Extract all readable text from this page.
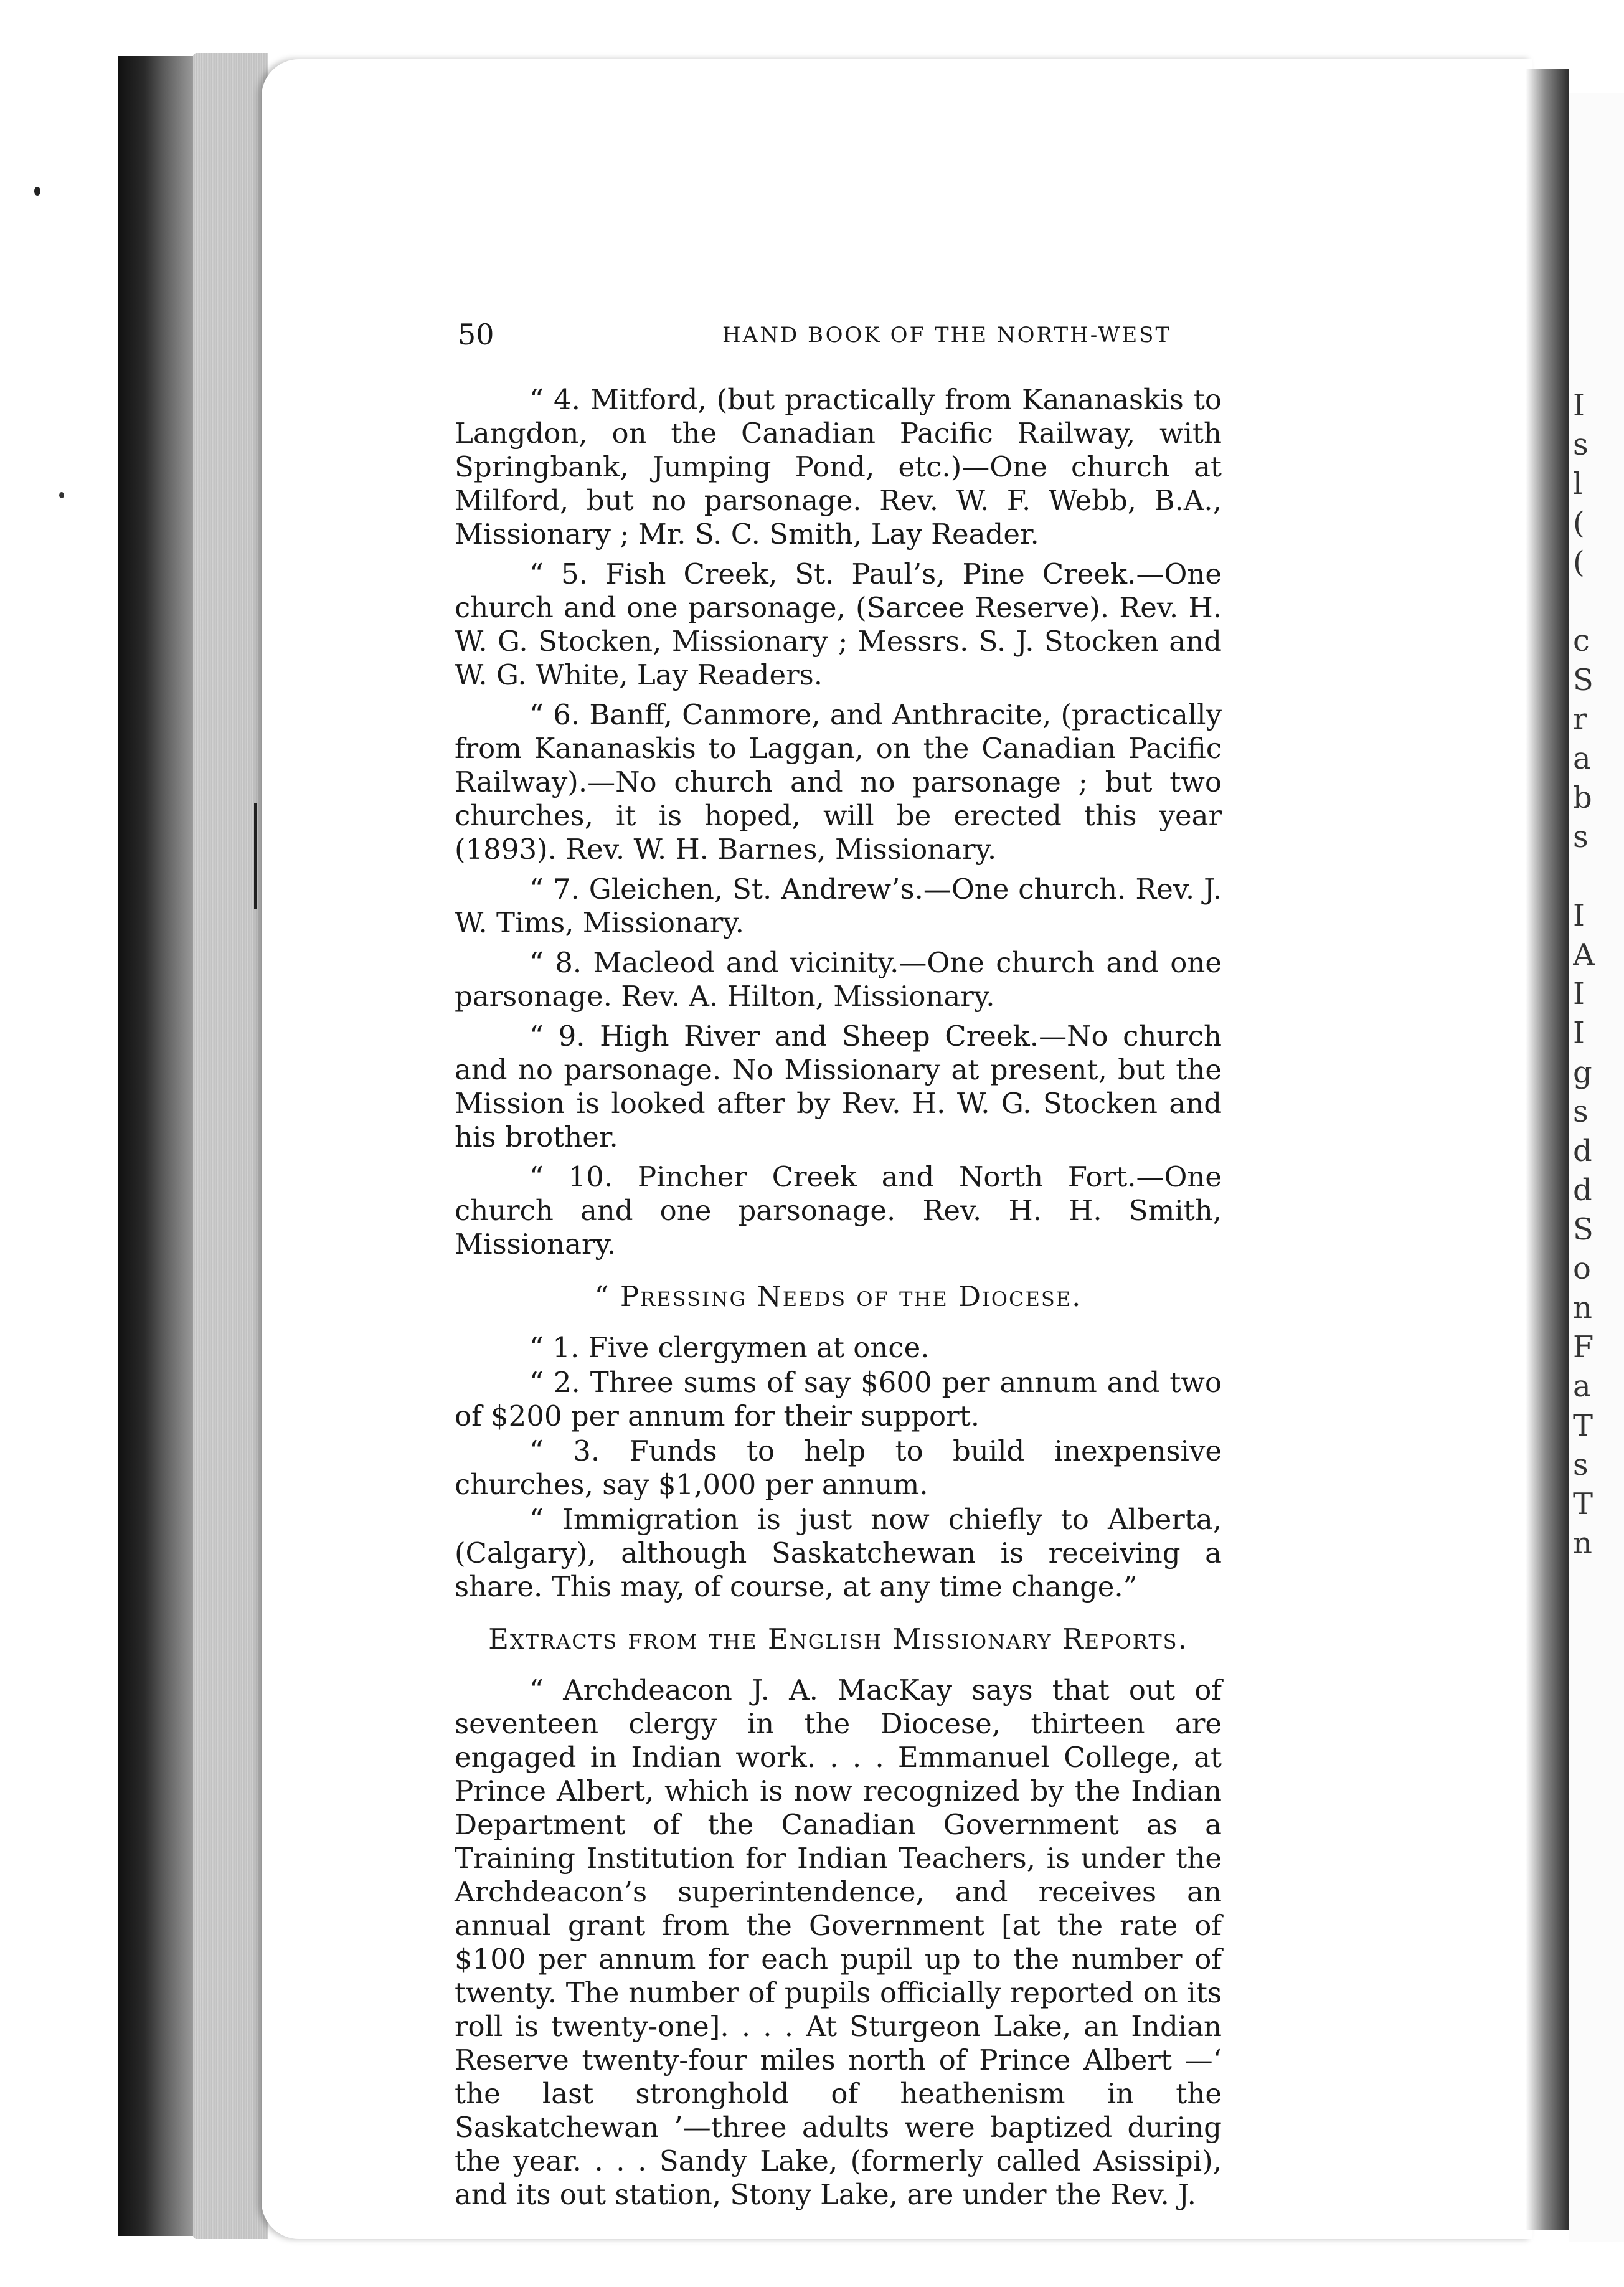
I
s
l
(
(
c
S
r
a
b
s
I
A
I
I
g
s
d
d
S
o
n
F
a
T
s
T
n
50	HAND BOOK OF THE NORTH-WEST

“ 4. Mitford, (but practically from Kananaskis to Langdon, on the Canadian Pacific Railway, with Springbank, Jumping Pond, etc.)—One church at Milford, but no parsonage. Rev. W. F. Webb, B.A., Missionary ; Mr. S. C. Smith, Lay Reader.

“ 5. Fish Creek, St. Paul’s, Pine Creek.—One church and one parsonage, (Sarcee Reserve). Rev. H. W. G. Stocken, Missionary ; Messrs. S. J. Stocken and W. G. White, Lay Readers.

“ 6. Banff, Canmore, and Anthracite, (practically from Kananaskis to Laggan, on the Canadian Pacific Railway).—No church and no parsonage ; but two churches, it is hoped, will be erected this year (1893). Rev. W. H. Barnes, Missionary.

“ 7. Gleichen, St. Andrew’s.—One church. Rev. J. W. Tims, Missionary.

“ 8. Macleod and vicinity.—One church and one parsonage. Rev. A. Hilton, Missionary.

“ 9. High River and Sheep Creek.—No church and no parsonage. No Missionary at present, but the Mission is looked after by Rev. H. W. G. Stocken and his brother.

“ 10. Pincher Creek and North Fort.—One church and one parsonage. Rev. H. H. Smith, Missionary.

“ Pressing Needs of the Diocese.

“ 1. Five clergymen at once.

“ 2. Three sums of say $600 per annum and two of $200 per annum for their support.

“ 3. Funds to help to build inexpensive churches, say $1,000 per annum.

“ Immigration is just now chiefly to Alberta, (Calgary), although Saskatchewan is receiving a share. This may, of course, at any time change.”

Extracts from the English Missionary Reports.

“ Archdeacon J. A. MacKay says that out of seventeen clergy in the Diocese, thirteen are engaged in Indian work. . . . Emmanuel College, at Prince Albert, which is now recognized by the Indian Department of the Canadian Government as a Training Institution for Indian Teachers, is under the Archdeacon’s superintendence, and receives an annual grant from the Government [at the rate of $100 per annum for each pupil up to the number of twenty. The number of pupils officially reported on its roll is twenty-one]. . . . At Sturgeon Lake, an Indian Reserve twenty-four miles north of Prince Albert —‘ the last stronghold of heathenism in the Saskatchewan ’—three adults were baptized during the year. . . . Sandy Lake, (formerly called Asissipi), and its out station, Stony Lake, are under the Rev. J.
